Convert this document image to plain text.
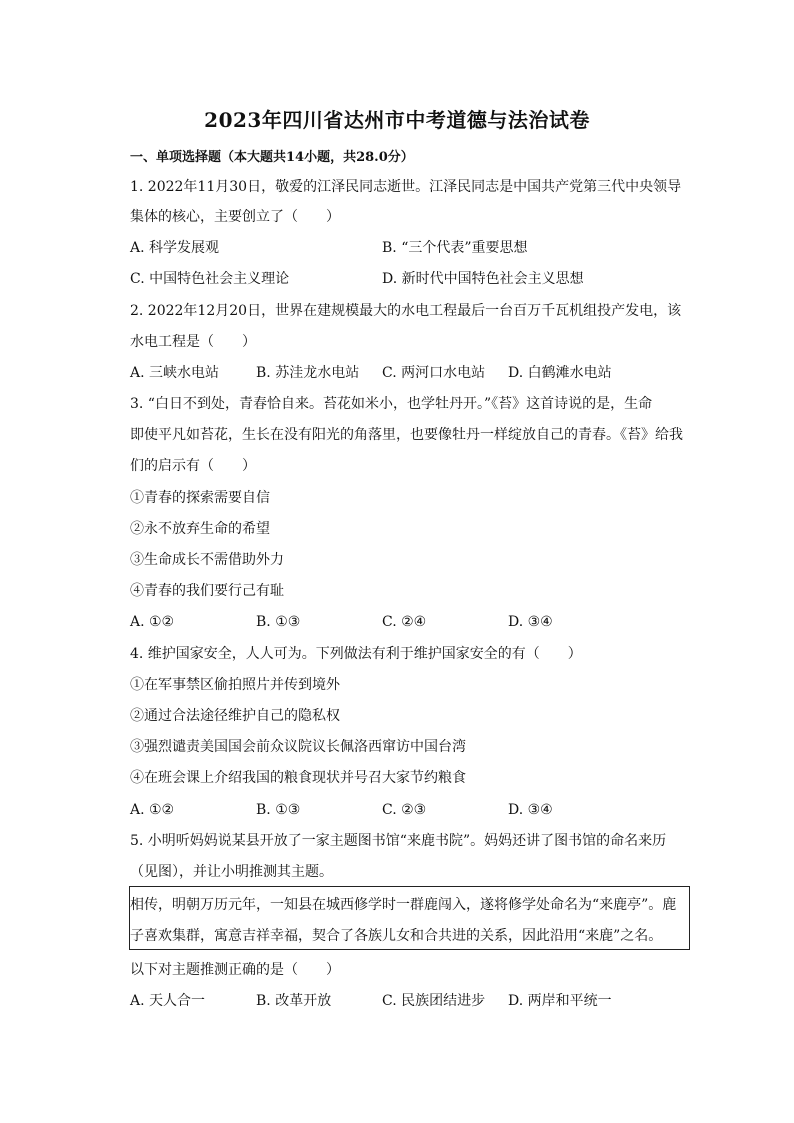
2023年四川省达州市中考道德与法治试卷
一、单项选择题（本大题共14小题，共28.0分）
1. 2022年11月30日，敬爱的江泽民同志逝世。江泽民同志是中国共产党第三代中央领导
集体的核心，主要创立了（　　）
A. 科学发展观	B. “三个代表”重要思想
C. 中国特色社会主义理论	D. 新时代中国特色社会主义思想
2. 2022年12月20日，世界在建规模最大的水电工程最后一台百万千瓦机组投产发电，该
水电工程是（　　）
A. 三峡水电站	B. 苏洼龙水电站 C. 两河口水电站 D. 白鹤滩水电站
3. “白日不到处，青春恰自来。苔花如米小，也学牡丹开。”《苔》这首诗说的是，生命
即使平凡如苔花，生长在没有阳光的角落里，也要像牡丹一样绽放自己的青春。《苔》给我
们的启示有（　　）
①青春的探索需要自信
②永不放弃生命的希望
③生命成长不需借助外力
④青春的我们要行己有耻
A. ①②	B. ①③	C. ②④	D. ③④
4. 维护国家安全，人人可为。下列做法有利于维护国家安全的有（　　）
①在军事禁区偷拍照片并传到境外
②通过合法途径维护自己的隐私权
③强烈谴责美国国会前众议院议长佩洛西窜访中国台湾
④在班会课上介绍我国的粮食现状并号召大家节约粮食
A. ①②	B. ①③	C. ②③	D. ③④
5. 小明听妈妈说某县开放了一家主题图书馆“来鹿书院”。妈妈还讲了图书馆的命名来历
（见图），并让小明推测其主题。
相传，明朝万历元年，一知县在城西修学时一群鹿闯入，遂将修学处命名为“来鹿亭”。鹿
子喜欢集群，寓意吉祥幸福，契合了各族儿女和合共进的关系，因此沿用“来鹿”之名。
以下对主题推测正确的是（　　）
A. 天人合一	B. 改革开放	C. 民族团结进步 D. 两岸和平统一
